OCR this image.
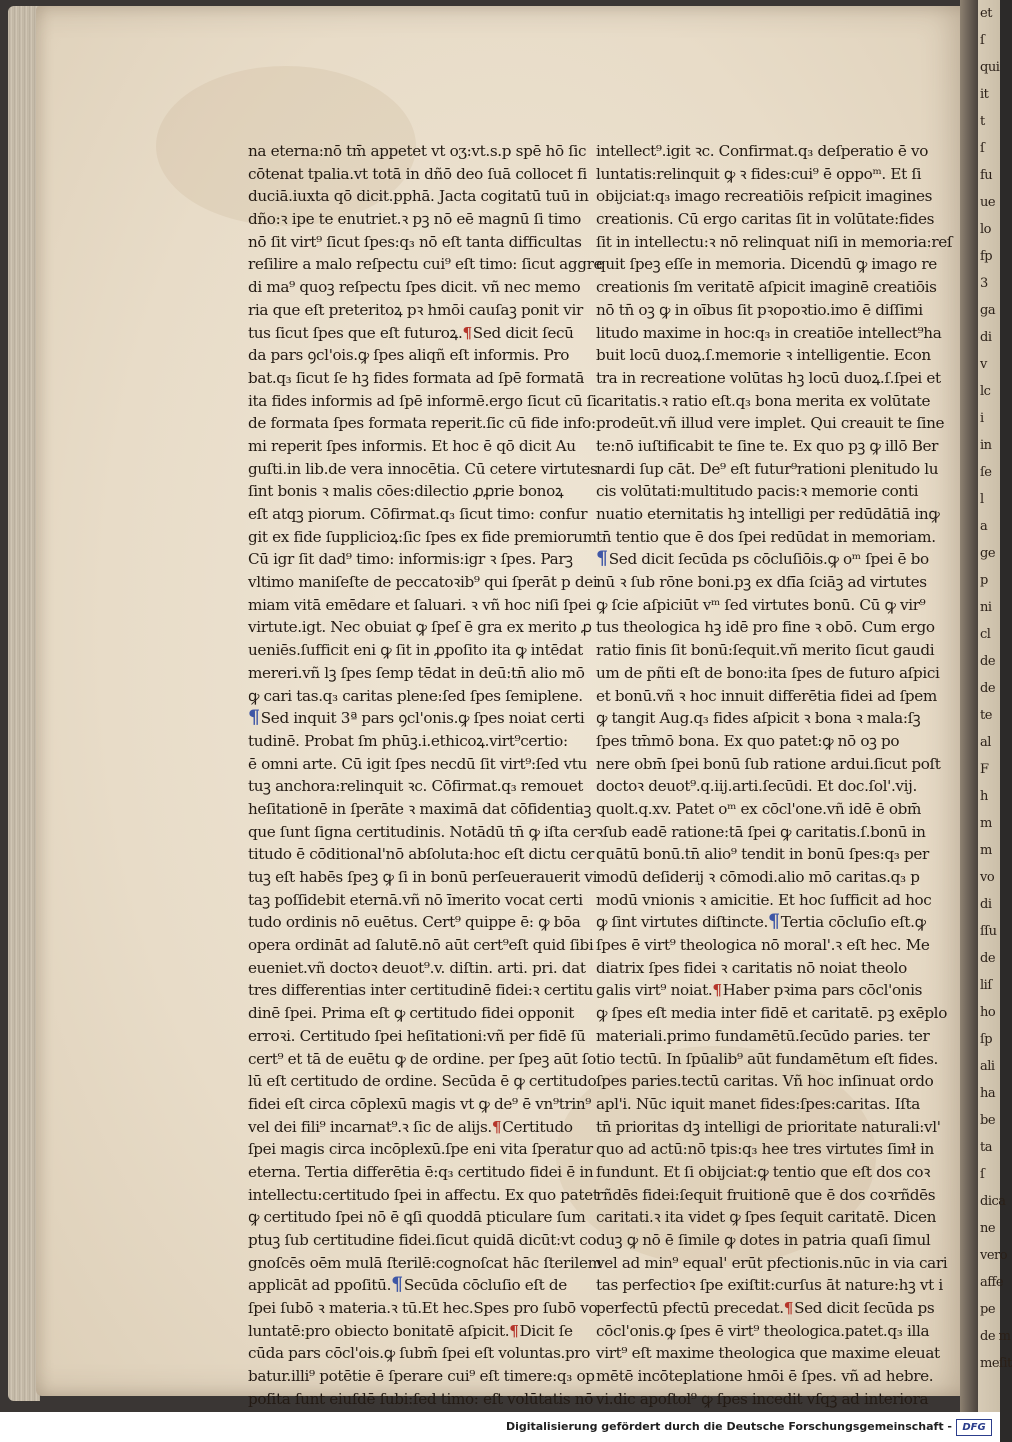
et
ſ
qui
it
t
ſ
fu
ue
lo
fp
3
ga
di
v
lc
i
in
ſe
l
a
ge
p
ni
cl
de
de
te
al
F
h
m
m
vo
di
ſſu
de
liſ
ho
ſp
ali
ha
be
ta
ſ
dica
ne
vero
affe
pe
de m
meſit
na eterna:nō tm̄ appetet vt oʒ:vt.s.p spē hō ſic
cōtenat tpalia.vt totā in dñō deo ſuā collocet fi
duciā.iuxta qō dicit.pphā. Jacta cogitatū tuū in
dño:ꝛ ipe te enutriet.ꝛ pꝫ nō eē magnū ſi timo
nō ſit virt⁹ ſicut ſpes:q₃ nō eſt tanta difficultas
reſilire a malo reſpectu cui⁹ eſt timo: ſicut aggre
di ma⁹ quoꝫ reſpectu ſpes dicit. vñ nec memo
ria que eſt preteritoꝝ pꝛ hmōi cauſaꝫ ponit vir
tus ſicut ſpes que eſt futuroꝝ.¶Sed dicit ſecū
da pars ꝯcl'ois.ꝙ ſpes aliqñ eſt informis. Pro
bat.q₃ ſicut ſe hꝫ fides formata ad ſpē formatā
ita fides informis ad ſpē informē.ergo ſicut cū ſi
de formata ſpes formata reperit.ſic cū fide info:
mi reperit ſpes informis. Et hoc ē qō dicit Au
guſti.in lib.de vera innocētia. Cū cetere virtutes
ſint bonis ꝛ malis cōes:dilectio ꝓꝓrie bonoꝝ
eſt atqꝫ piorum. Cōfirmat.q₃ ſicut timo: confur
git ex fide ſupplicioꝝ:ſic ſpes ex fide premiorum
Cū igr ſit dad⁹ timo: informis:igr ꝛ ſpes. Parꝫ
vltimo maniſeſte de peccatoꝛib⁹ qui ſperāt p dei
miam vitā emēdare et ſaluari. ꝛ vñ hoc niſi ſpei
virtute.igt. Nec obuiat ꝙ ſpeſ ē gra ex merito ꝓ
ueniēs.ſufficit eni ꝙ ſit in ꝓpoſito ita ꝙ intēdat
mereri.vñ lꝫ ſpes ſemp tēdat in deū:tn̄ alio mō
ꝙ cari tas.q₃ caritas plene:ſed ſpes ſemiplene.
¶Sed inquit 3ª pars ꝯcl'onis.ꝙ ſpes noiat certi
tudinē. Probat ſm phūꝫ.i.ethicoꝝ.virt⁹certio:
ē omni arte. Cū igit ſpes necdū ſit virt⁹:ſed vtu
tuꝫ anchora:relinquit ꝛc. Cōfirmat.q₃ remouet
heſitationē in ſperāte ꝛ maximā dat cōfidentiaꝫ
que ſunt ſigna certitudinis. Notādū tn̄ ꝙ iſta cer
titudo ē cōditional'nō abſoluta:hoc eſt dictu cer
tuꝫ eſt habēs ſpeꝫ ꝙ ſi in bonū perſeuerauerit vi
taꝫ poſſidebit eternā.vñ nō īmerito vocat certi
tudo ordinis nō euētus. Cert⁹ quippe ē: ꝙ bōa
opera ordināt ad ſalutē.nō aūt cert⁹eſt quid ſibi
eueniet.vñ doctoꝛ deuot⁹.v. diſtin. arti. pri. dat
tres differentias inter certitudinē fidei:ꝛ certitu
dinē ſpei. Prima eſt ꝙ certitudo fidei opponit
erroꝛi. Certitudo ſpei heſitationi:vñ per fidē ſū
cert⁹ et tā de euētu ꝙ de ordine. per ſpeꝫ aūt ſo
lū eſt certitudo de ordine. Secūda ē ꝙ certitudo
fidei eſt circa cōplexū magis vt ꝙ de⁹ ē vn⁹trin⁹
vel dei fili⁹ incarnat⁹.ꝛ ſic de alijs.¶Certitudo
ſpei magis circa incōplexū.ſpe eni vita ſperatur
eterna. Tertia differētia ē:q₃ certitudo fidei ē in
intellectu:certitudo ſpei in affectu. Ex quo patet
ꝙ certitudo ſpei nō ē ꝗſi quoddā pticulare ſum
ptuꝫ ſub certitudine fidei.ſicut quidā dicūt:vt co
gnoſcēs oēm mulā ſterilē:cognoſcat hāc ſterilem
applicāt ad ppoſitū.¶Secūda cōcluſio eſt de
ſpei ſubō ꝛ materia.ꝛ tū.Et hec.Spes pro ſubō vo
luntatē:pro obiecto bonitatē aſpicit.¶Dicit ſe
cūda pars cōcl'ois.ꝙ ſubm̄ ſpei eſt voluntas.pro
batur.illi⁹ potētie ē ſperare cui⁹ eſt timere:q₃ op
poſita ſunt eiuſdē ſubi:ſed timo: eſt volūtatis nō
intellect⁹.igit ꝛc. Confirmat.q₃ deſperatio ē vo
luntatis:relinquit ꝙ ꝛ fides:cui⁹ ē oppoᵐ. Et ſi
obijciat:q₃ imago recreatiōis reſpicit imagines
creationis. Cū ergo caritas ſit in volūtate:fides
ſit in intellectu:ꝛ nō relinquat niſi in memoria:reſ
quit ſpeꝫ eſſe in memoria. Dicendū ꝙ imago re
creationis ſm veritatē aſpicit imaginē creatiōis
nō tn̄ oꝫ ꝙ in oībus ſit pꝛopoꝛtio.imo ē diſſimi
litudo maxime in hoc:q₃ in creatiōe intellect⁹ha
buit locū duoꝝ.ſ.memorie ꝛ intelligentie. Econ
tra in recreatione volūtas hꝫ locū duoꝝ.ſ.ſpei et
caritatis.ꝛ ratio eſt.q₃ bona merita ex volūtate
prodeūt.vñ illud vere implet. Qui creauit te ſine
te:nō iuſtificabit te ſine te. Ex quo pꝫ ꝙ illō Ber
nardi ſup cāt. De⁹ eſt futur⁹rationi plenitudo lu
cis volūtati:multitudo pacis:ꝛ memorie conti
nuatio eternitatis hꝫ intelligi per redūdātiā inꝙ
tn̄ tentio que ē dos ſpei redūdat in memoriam.
¶Sed dicit ſecūda ps cōcluſiōis.ꝙ oᵐ ſpei ē bo
nū ꝛ ſub rōne boni.pꝫ ex dfīa ſciāꝫ ad virtutes
ꝙ ſcie aſpiciūt vᵐ ſed virtutes bonū. Cū ꝙ vir⁹
tus theologica hꝫ idē pro fine ꝛ obō. Cum ergo
ratio finis ſit bonū:ſequit.vñ merito ſicut gaudi
um de pñti eſt de bono:ita ſpes de futuro aſpici
et bonū.vñ ꝛ hoc innuit differētia fidei ad ſpem
ꝙ tangit Aug.q₃ fides aſpicit ꝛ bona ꝛ mala:ſꝫ
ſpes tm̄mō bona. Ex quo patet:ꝙ nō oꝫ po
nere obm̄ ſpei bonū ſub ratione ardui.ſicut poſt
doctoꝛ deuot⁹.q.iij.arti.ſecūdi. Et doc.ſol'.vij.
quolt.q.xv. Patet oᵐ ex cōcl'one.vñ idē ē obm̄
ꝛſub eadē ratione:tā ſpei ꝙ caritatis.ſ.bonū in
quātū bonū.tn̄ alio⁹ tendit in bonū ſpes:q₃ per
modū deſiderij ꝛ cōmodi.alio mō caritas.q₃ p
modū vnionis ꝛ amicitie. Et hoc ſufficit ad hoc
ꝙ ſint virtutes diſtincte.¶Tertia cōcluſio eſt.ꝙ
ſpes ē virt⁹ theologica nō moral'.ꝛ eſt hec. Me
diatrix ſpes fidei ꝛ caritatis nō noiat theolo
galis virt⁹ noiat.¶Haber pꝛima pars cōcl'onis
ꝙ ſpes eſt media inter fidē et caritatē. pꝫ exēplo
materiali.primo fundamētū.ſecūdo paries. ter
tio tectū. In ſpūalib⁹ aūt fundamētum eſt fides.
ſpes paries.tectū caritas. Vñ hoc inſinuat ordo
apl'i. Nūc iquit manet fides:ſpes:caritas. Iſta
tn̄ prioritas dꝫ intelligi de prioritate naturali:vl'
quo ad actū:nō tpis:q₃ hee tres virtutes ſimł in
fundunt. Et ſi obijciat:ꝙ tentio que eſt dos coꝛ
rñdēs fidei:ſequit fruitionē que ē dos coꝛrñdēs
caritati.ꝛ ita videt ꝙ ſpes ſequit caritatē. Dicen
duꝫ ꝙ nō ē ſimile ꝙ dotes in patria quaſi ſimul
vel ad min⁹ equal' erūt pfectionis.nūc in via cari
tas perfectioꝛ ſpe exiſtit:curſus āt nature:hꝫ vt i
perfectū pfectū precedat.¶Sed dicit ſecūda ps
cōcl'onis.ꝙ ſpes ē virt⁹ theologica.patet.q₃ illa
virt⁹ eſt maxime theologica que maxime eleuat
mētē incōteplatione hmōi ē ſpes. vñ ad hebre.
vi.dic apoſtol⁹ ꝙ ſpes incedit vſqꝫ ad interiora
Digitalisierung gefördert durch die Deutsche Forschungsgemeinschaft -	DFG
